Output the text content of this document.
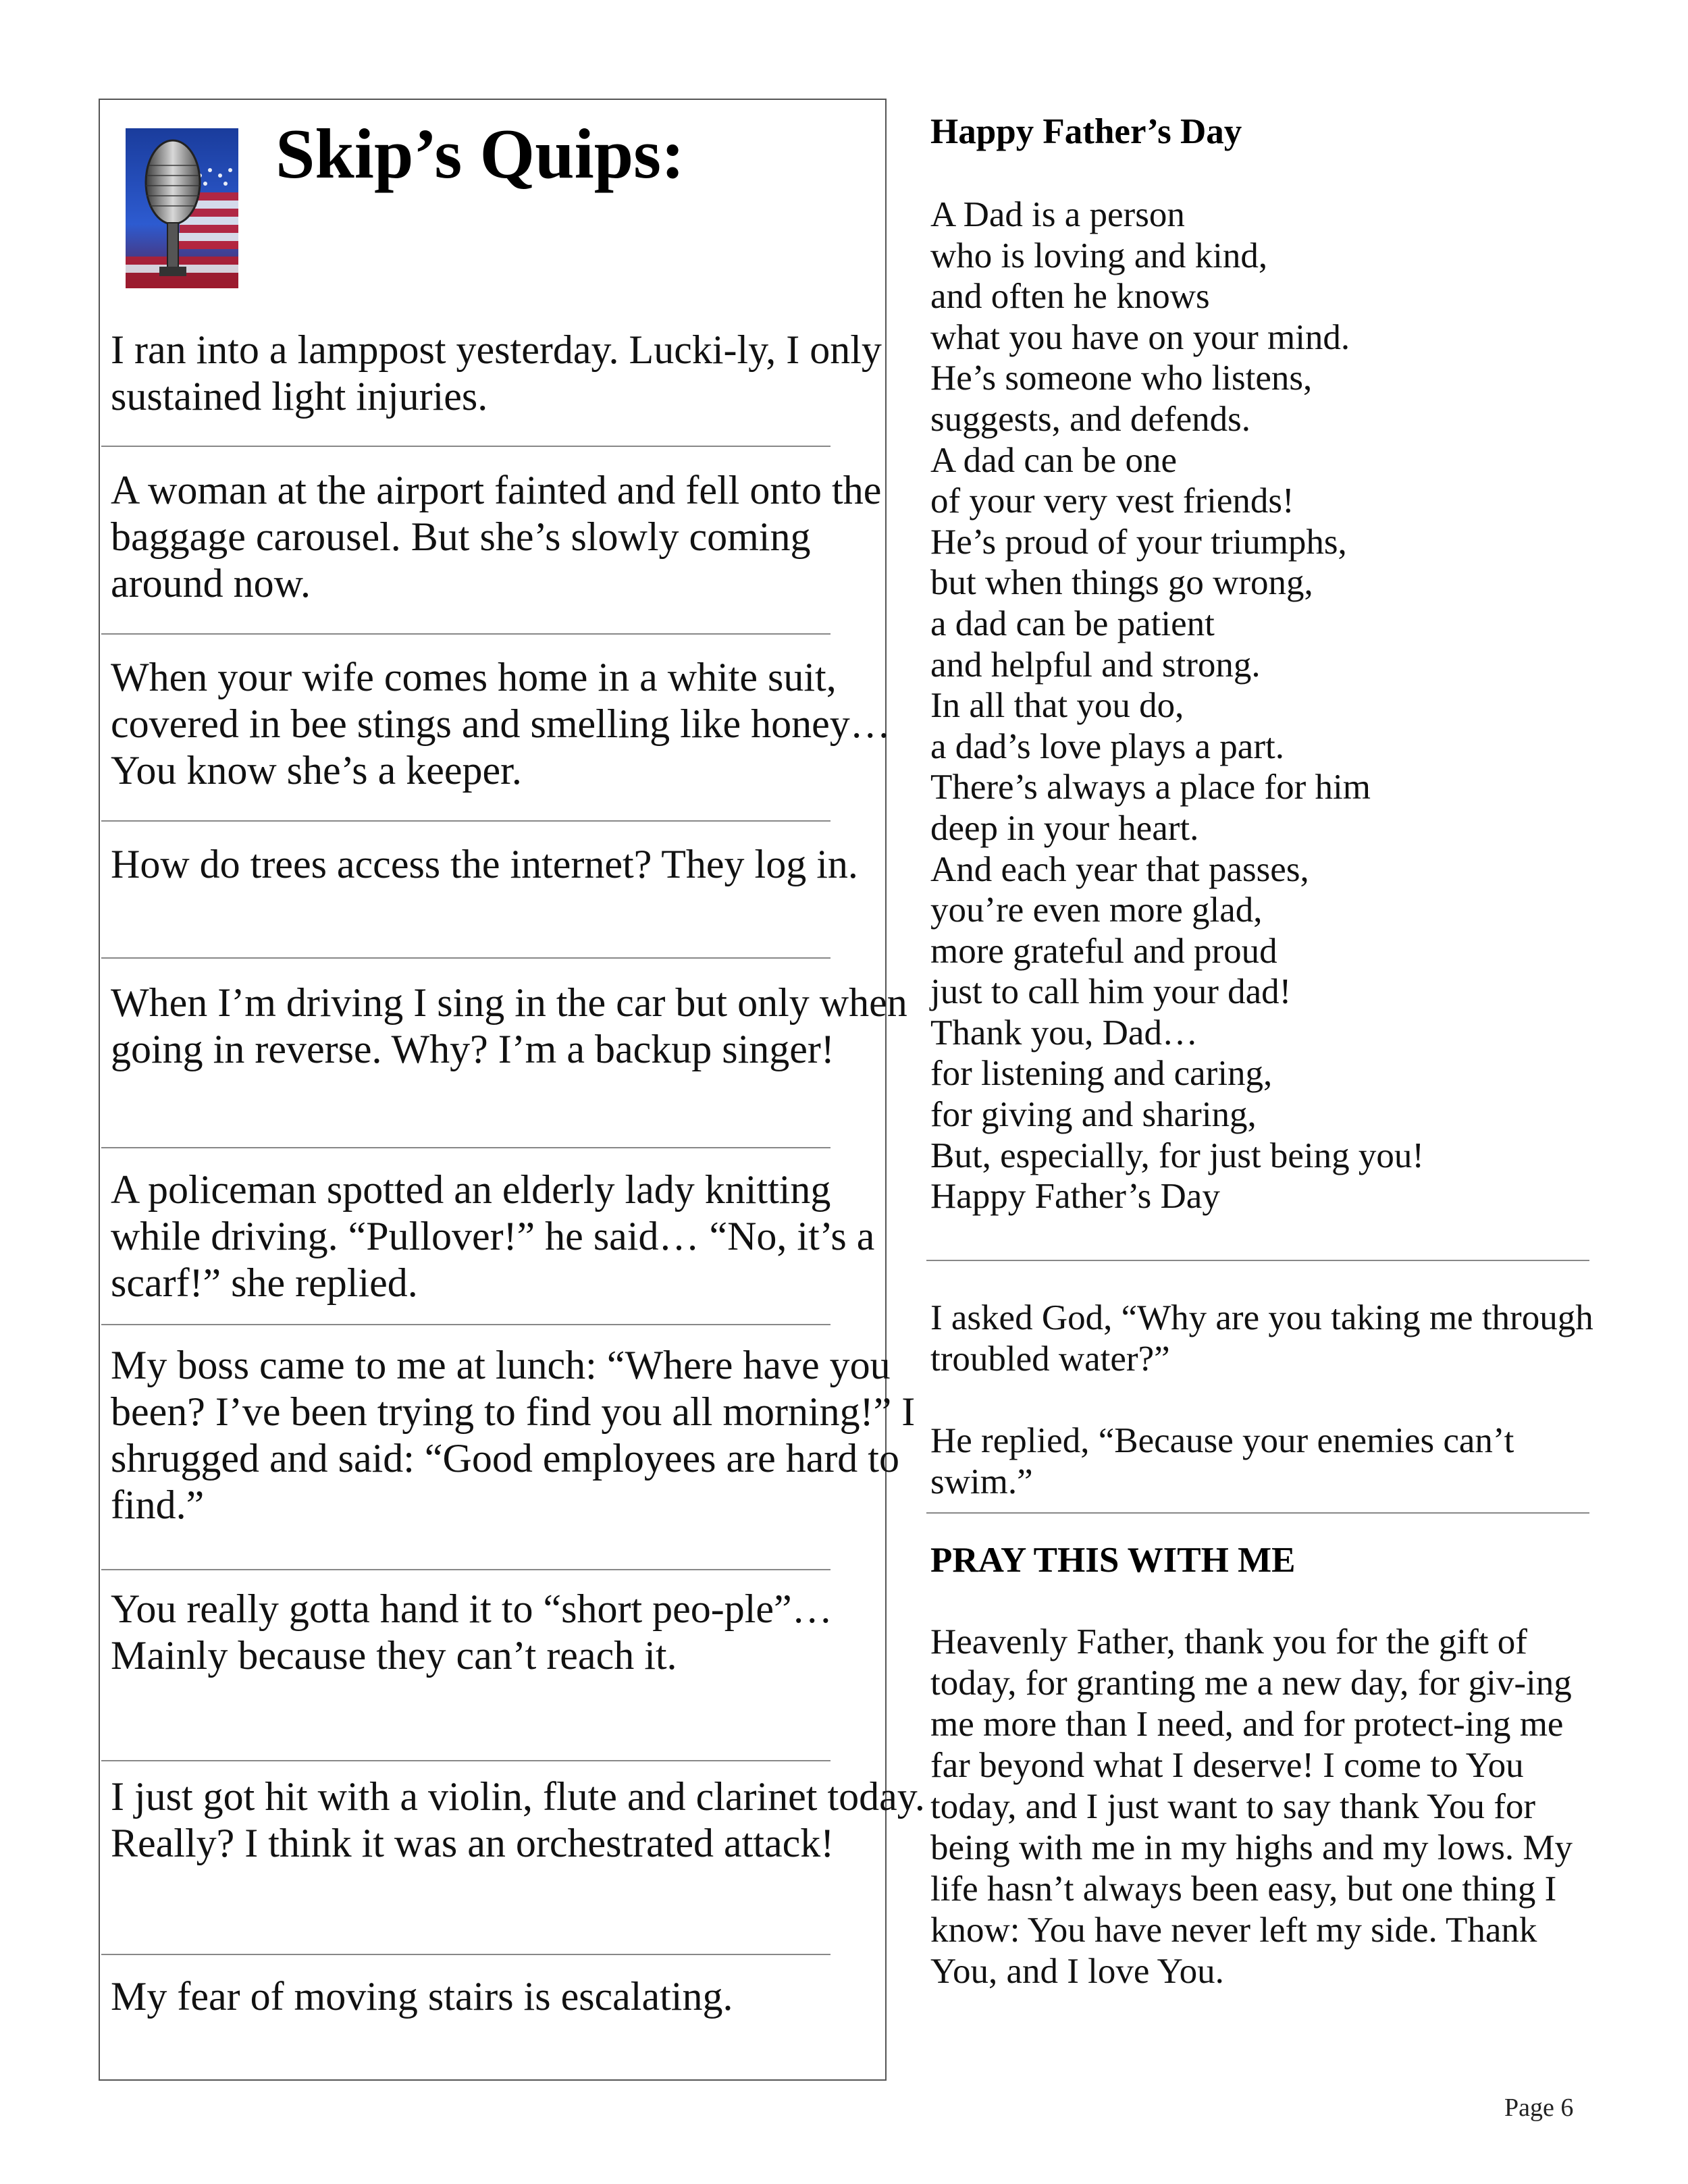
Skip’s Quips:

I ran into a lamppost yesterday. Lucki-ly, I only sustained light injuries.

A woman at the airport fainted and fell onto the baggage carousel. But she’s slowly coming around now.

When your wife comes home in a white suit, covered in bee stings and smelling like honey… You know she’s a keeper.

How do trees access the internet? They log in.

When I’m driving I sing in the car but only when going in reverse. Why? I’m a backup singer!

A policeman spotted an elderly lady knitting while driving. “Pullover!” he said… “No, it’s a scarf!” she replied.

My boss came to me at lunch: “Where have you been? I’ve been trying to find you all morning!” I shrugged and said: “Good employees are hard to find.”

You really gotta hand it to “short peo-ple”… Mainly because they can’t reach it.

I just got hit with a violin, flute and clarinet today. Really? I think it was an orchestrated attack!

My fear of moving stairs is escalating.

Happy Father’s Day
A Dad is a person
who is loving and kind,
and often he knows
what you have on your mind.
He’s someone who listens,
suggests, and defends.
A dad can be one
of your very vest friends!
He’s proud of your triumphs,
but when things go wrong,
a dad can be patient
and helpful and strong.
In all that you do,
a dad’s love plays a part.
There’s always a place for him
deep in your heart.
And each year that passes,
you’re even more glad,
more grateful and proud
just to call him your dad!
Thank you, Dad…
for listening and caring,
for giving and sharing,
But, especially, for just being you!
Happy Father’s Day

I asked God, “Why are you taking me through troubled water?”

He replied, “Because your enemies can’t swim.”

PRAY THIS WITH ME

Heavenly Father, thank you for the gift of today, for granting me a new day, for giv-ing me more than I need, and for protect-ing me far beyond what I deserve! I come to You today, and I just want to say thank You for being with me in my highs and my lows. My life hasn’t always been easy, but one thing I know: You have never left my side. Thank You, and I love You.

Page 6
